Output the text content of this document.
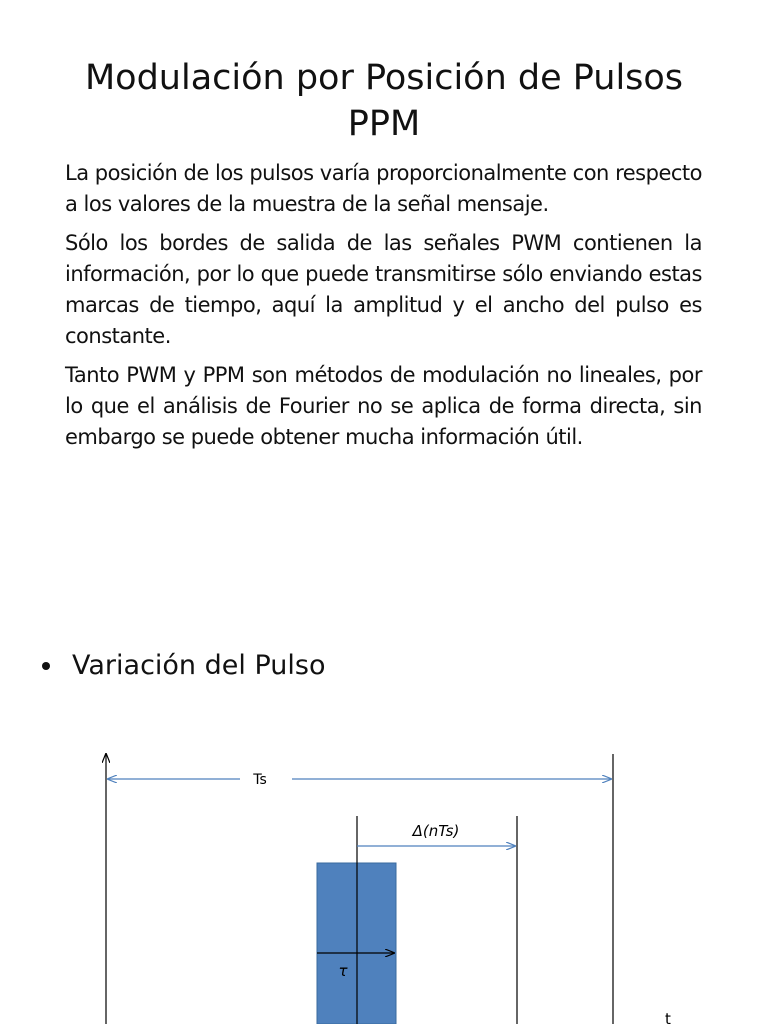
Modulación por Posición de Pulsos
PPM

La posición de los pulsos varía proporcionalmente con respecto a los valores de la muestra de la señal mensaje.

Sólo los bordes de salida de las señales PWM contienen la información, por lo que puede transmitirse sólo enviando estas marcas de tiempo, aquí la amplitud y el ancho del pulso es constante.

Tanto PWM y PPM son métodos de modulación no lineales, por lo que el análisis de Fourier no se aplica de forma directa, sin embargo se puede obtener mucha información útil.

Variación del Pulso
Ts
Δ(nTs)
τ
t
